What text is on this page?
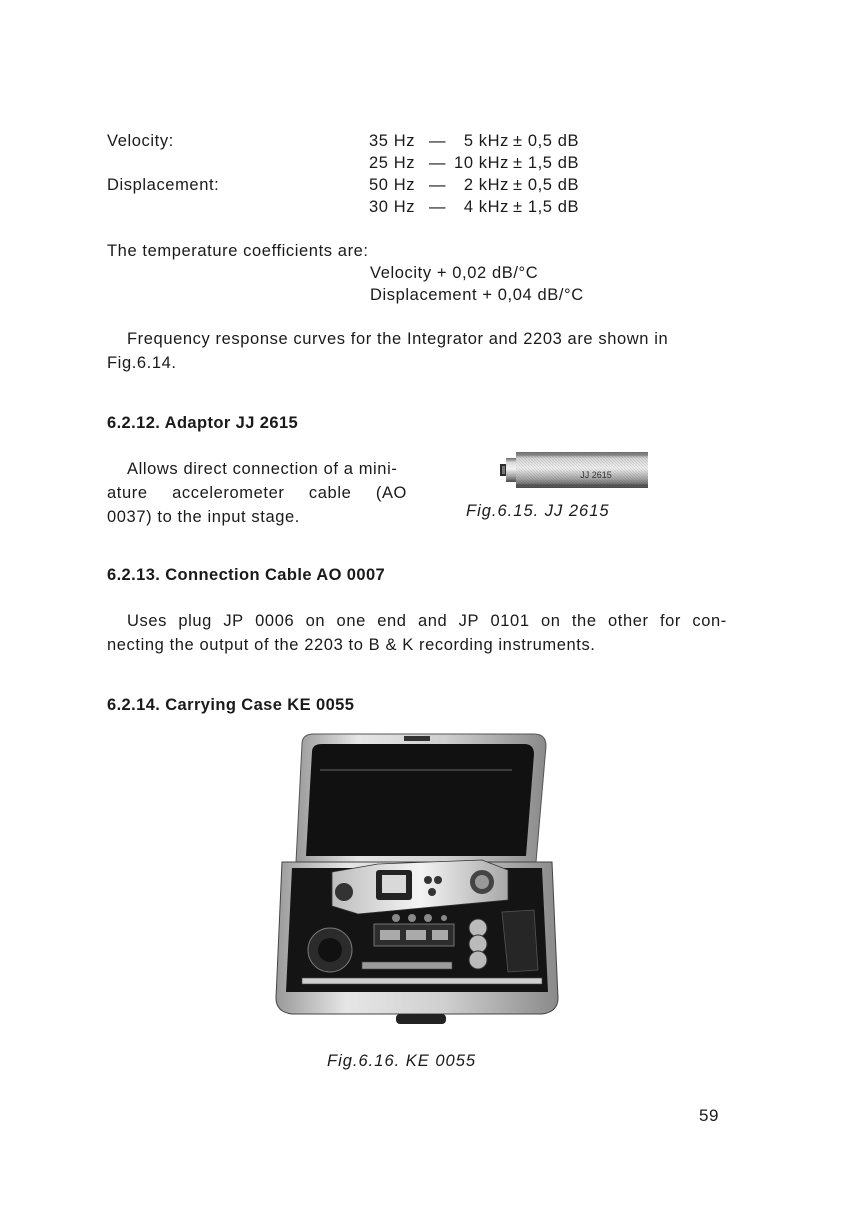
Velocity:	35 Hz —	5 kHz ± 0,5 dB
25 Hz — 10 kHz ± 1,5 dB
Displacement:	50 Hz —	2 kHz ± 0,5 dB
30 Hz —	4 kHz ± 1,5 dB
The temperature coefficients are:
Velocity + 0,02 dB/°C
Displacement + 0,04 dB/°C
Frequency response curves for the Integrator and 2203 are shown in
Fig.6.14.
6.2.12. Adaptor JJ 2615
Allows direct connection of a mini-
ature accelerometer cable (AO
0037) to the input stage.
JJ 2615
Fig.6.15. JJ 2615
6.2.13. Connection Cable AO 0007
Uses plug JP 0006 on one end and JP 0101 on the other for con-
necting the output of the 2203 to B & K recording instruments.
6.2.14. Carrying Case KE 0055
Fig.6.16. KE 0055
59
